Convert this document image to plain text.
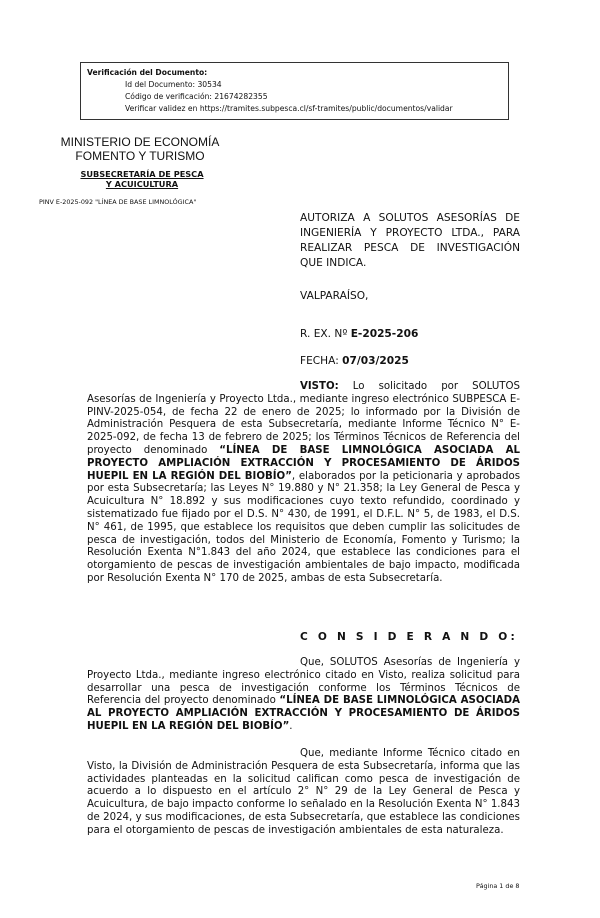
Verificación del Documento:
• Id del Documento: 30534
• Código de verificación: 21674282355
• Verificar validez en https://tramites.subpesca.cl/sf-tramites/public/documentos/validar
MINISTERIO DE ECONOMÍA
FOMENTO Y TURISMO
SUBSECRETARÍA DE PESCA Y ACUICULTURA
PINV E-2025-092 "LÍNEA DE BASE LIMNOLÓGICA"
AUTORIZA A SOLUTOS ASESORÍAS DE INGENIERÍA Y PROYECTO LTDA., PARA REALIZAR PESCA DE INVESTIGACIÓN QUE INDICA.
VALPARAÍSO,
R. EX. Nº E-2025-206
FECHA: 07/03/2025
VISTO: Lo solicitado por SOLUTOS Asesorías de Ingeniería y Proyecto Ltda., mediante ingreso electrónico SUBPESCA E-PINV-2025-054, de fecha 22 de enero de 2025; lo informado por la División de Administración Pesquera de esta Subsecretaría, mediante Informe Técnico N° E-2025-092, de fecha 13 de febrero de 2025; los Términos Técnicos de Referencia del proyecto denominado “LÍNEA DE BASE LIMNOLÓGICA ASOCIADA AL PROYECTO AMPLIACIÓN EXTRACCIÓN Y PROCESAMIENTO DE ÁRIDOS HUEPIL EN LA REGIÓN DEL BIOBÍO”, elaborados por la peticionaria y aprobados por esta Subsecretaría; las Leyes N° 19.880 y N° 21.358; la Ley General de Pesca y Acuicultura N° 18.892 y sus modificaciones cuyo texto refundido, coordinado y sistematizado fue fijado por el D.S. N° 430, de 1991, el D.F.L. N° 5, de 1983, el D.S. N° 461, de 1995, que establece los requisitos que deben cumplir las solicitudes de pesca de investigación, todos del Ministerio de Economía, Fomento y Turismo; la Resolución Exenta N°1.843 del año 2024, que establece las condiciones para el otorgamiento de pescas de investigación ambientales de bajo impacto, modificada por Resolución Exenta N° 170 de 2025, ambas de esta Subsecretaría.
C O N S I D E R A N D O:
Que, SOLUTOS Asesorías de Ingeniería y Proyecto Ltda., mediante ingreso electrónico citado en Visto, realiza solicitud para desarrollar una pesca de investigación conforme los Términos Técnicos de Referencia del proyecto denominado “LÍNEA DE BASE LIMNOLÓGICA ASOCIADA AL PROYECTO AMPLIACIÓN EXTRACCIÓN Y PROCESAMIENTO DE ÁRIDOS HUEPIL EN LA REGIÓN DEL BIOBÍO”.
Que, mediante Informe Técnico citado en Visto, la División de Administración Pesquera de esta Subsecretaría, informa que las actividades planteadas en la solicitud califican como pesca de investigación de acuerdo a lo dispuesto en el artículo 2° N° 29 de la Ley General de Pesca y Acuicultura, de bajo impacto conforme lo señalado en la Resolución Exenta N° 1.843 de 2024, y sus modificaciones, de esta Subsecretaría, que establece las condiciones para el otorgamiento de pescas de investigación ambientales de esta naturaleza.
Página 1 de 8
